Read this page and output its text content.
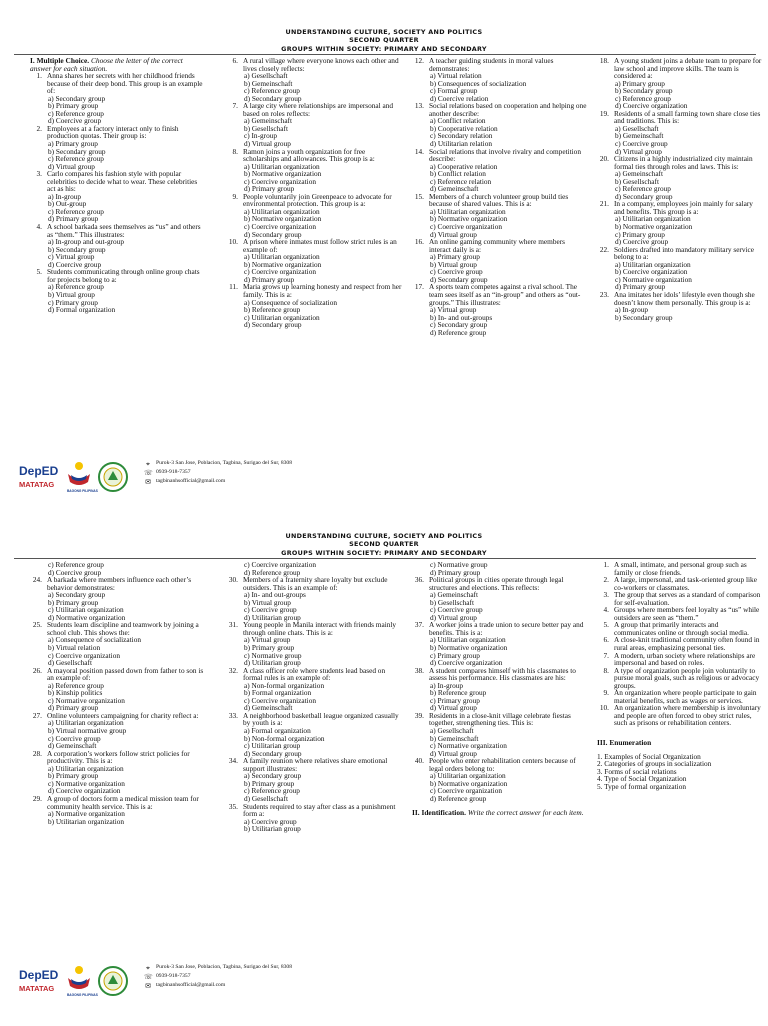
UNDERSTANDING CULTURE, SOCIETY AND POLITICS
SECOND QUARTER
GROUPS WITHIN SOCIETY: PRIMARY AND SECONDARY
I. Multiple Choice. Choose the letter of the correct answer for each situation.
1. Anna shares her secrets with her childhood friends because of their deep bond. This group is an example of:
a) Secondary group
b) Primary group
c) Reference group
d) Coercive group
2. Employees at a factory interact only to finish production quotas. Their group is:
a) Primary group
b) Secondary group
c) Reference group
d) Virtual group
3. Carlo compares his fashion style with popular celebrities to decide what to wear. These celebrities act as his:
a) In-group
b) Out-group
c) Reference group
d) Primary group
4. A school barkada sees themselves as “us” and others as “them.” This illustrates:
a) In-group and out-group
b) Secondary group
c) Virtual group
d) Coercive group
5. Students communicating through online group chats for projects belong to a:
a) Reference group
b) Virtual group
c) Primary group
d) Formal organization
6. A rural village where everyone knows each other and lives closely reflects:
a) Gesellschaft
b) Gemeinschaft
c) Reference group
d) Secondary group
7. A large city where relationships are impersonal and based on roles reflects:
a) Gemeinschaft
b) Gesellschaft
c) In-group
d) Virtual group
8. Ramon joins a youth organization for free scholarships and allowances. This group is a:
a) Utilitarian organization
b) Normative organization
c) Coercive organization
d) Primary group
9. People voluntarily join Greenpeace to advocate for environmental protection. This group is a:
a) Utilitarian organization
b) Normative organization
c) Coercive organization
d) Secondary group
10. A prison where inmates must follow strict rules is an example of:
a) Utilitarian organization
b) Normative organization
c) Coercive organization
d) Primary group
11. Maria grows up learning honesty and respect from her family. This is a:
a) Consequence of socialization
b) Reference group
c) Utilitarian organization
d) Secondary group
12. A teacher guiding students in moral values demonstrates:
a) Virtual relation
b) Consequences of socialization
c) Formal group
d) Coercive relation
13. Social relations based on cooperation and helping one another describe:
a) Conflict relation
b) Cooperative relation
c) Secondary relation
d) Utilitarian relation
14. Social relations that involve rivalry and competition describe:
a) Cooperative relation
b) Conflict relation
c) Reference relation
d) Gemeinschaft
15. Members of a church volunteer group build ties because of shared values. This is a:
a) Utilitarian organization
b) Normative organization
c) Coercive organization
d) Virtual group
16. An online gaming community where members interact daily is a:
a) Primary group
b) Virtual group
c) Coercive group
d) Secondary group
17. A sports team competes against a rival school. The team sees itself as an “in-group” and others as “out-groups.” This illustrates:
a) Virtual group
b) In- and out-groups
c) Secondary group
d) Reference group
18. A young student joins a debate team to prepare for law school and improve skills. The team is considered a:
a) Primary group
b) Secondary group
c) Reference group
d) Coercive organization
19. Residents of a small farming town share close ties and traditions. This is:
a) Gesellschaft
b) Gemeinschaft
c) Coercive group
d) Virtual group
20. Citizens in a highly industrialized city maintain formal ties through roles and laws. This is:
a) Gemeinschaft
b) Gesellschaft
c) Reference group
d) Secondary group
21. In a company, employees join mainly for salary and benefits. This group is a:
a) Utilitarian organization
b) Normative organization
c) Primary group
d) Coercive group
22. Soldiers drafted into mandatory military service belong to a:
a) Utilitarian organization
b) Coercive organization
c) Normative organization
d) Primary group
23. Ana imitates her idols’ lifestyle even though she doesn’t know them personally. This group is a:
a) In-group
b) Secondary group
DepED
MATATAG
BAGONG PILIPINAS
⌖	Purok-3 San Jose, Poblacion, Tagbina, Surigao del Sur, 8308
☏ 0939-918-7357
✉ tagbinanhsofficial@gmail.com
UNDERSTANDING CULTURE, SOCIETY AND POLITICS
SECOND QUARTER
GROUPS WITHIN SOCIETY: PRIMARY AND SECONDARY
c) Reference group
d) Coercive group
24. A barkada where members influence each other’s behavior demonstrates:
a) Secondary group
b) Primary group
c) Utilitarian organization
d) Normative organization
25. Students learn discipline and teamwork by joining a school club. This shows the:
a) Consequence of socialization
b) Virtual relation
c) Coercive organization
d) Gesellschaft
26. A mayoral position passed down from father to son is an example of:
a) Reference group
b) Kinship politics
c) Normative organization
d) Primary group
27. Online volunteers campaigning for charity reflect a:
a) Utilitarian organization
b) Virtual normative group
c) Coercive group
d) Gemeinschaft
28. A corporation’s workers follow strict policies for productivity. This is a:
a) Utilitarian organization
b) Primary group
c) Normative organization
d) Coercive organization
29. A group of doctors form a medical mission team for community health service. This is a:
a) Normative organization
b) Utilitarian organization
c) Coercive organization
d) Reference group
30. Members of a fraternity share loyalty but exclude outsiders. This is an example of:
a) In- and out-groups
b) Virtual group
c) Coercive group
d) Utilitarian group
31. Young people in Manila interact with friends mainly through online chats. This is a:
a) Virtual group
b) Primary group
c) Normative group
d) Utilitarian group
32. A class officer role where students lead based on formal rules is an example of:
a) Non-formal organization
b) Formal organization
c) Coercive organization
d) Gemeinschaft
33. A neighborhood basketball league organized casually by youth is a:
a) Formal organization
b) Non-formal organization
c) Utilitarian group
d) Secondary group
34. A family reunion where relatives share emotional support illustrates:
a) Secondary group
b) Primary group
c) Reference group
d) Gesellschaft
35. Students required to stay after class as a punishment form a:
a) Coercive group
b) Utilitarian group
c) Normative group
d) Primary group
36. Political groups in cities operate through legal structures and elections. This reflects:
a) Gemeinschaft
b) Gesellschaft
c) Coercive group
d) Virtual group
37. A worker joins a trade union to secure better pay and benefits. This is a:
a) Utilitarian organization
b) Normative organization
c) Primary group
d) Coercive organization
38. A student compares himself with his classmates to assess his performance. His classmates are his:
a) In-group
b) Reference group
c) Primary group
d) Virtual group
39. Residents in a close-knit village celebrate fiestas together, strengthening ties. This is:
a) Gesellschaft
b) Gemeinschaft
c) Normative organization
d) Virtual group
40. People who enter rehabilitation centers because of legal orders belong to:
a) Utilitarian organization
b) Normative organization
c) Coercive organization
d) Reference group
II. Identification. Write the correct answer for each item.
1. A small, intimate, and personal group such as family or close friends.
2. A large, impersonal, and task-oriented group like co-workers or classmates.
3. The group that serves as a standard of comparison for self-evaluation.
4. Groups where members feel loyalty as “us” while outsiders are seen as “them.”
5. A group that primarily interacts and communicates online or through social media.
6. A close-knit traditional community often found in rural areas, emphasizing personal ties.
7. A modern, urban society where relationships are impersonal and based on roles.
8. A type of organization people join voluntarily to pursue moral goals, such as religious or advocacy groups.
9. An organization where people participate to gain material benefits, such as wages or services.
10. An organization where membership is involuntary and people are often forced to obey strict rules, such as prisons or rehabilitation centers.
III. Enumeration
1. Examples of Social Organization
2. Categories of groups in socialization
3. Forms of social relations
4. Type of Social Organization
5. Type of formal organization
DepED
MATATAG
BAGONG PILIPINAS
⌖	Purok-3 San Jose, Poblacion, Tagbina, Surigao del Sur, 8308
☏ 0939-918-7357
✉ tagbinanhsofficial@gmail.com
